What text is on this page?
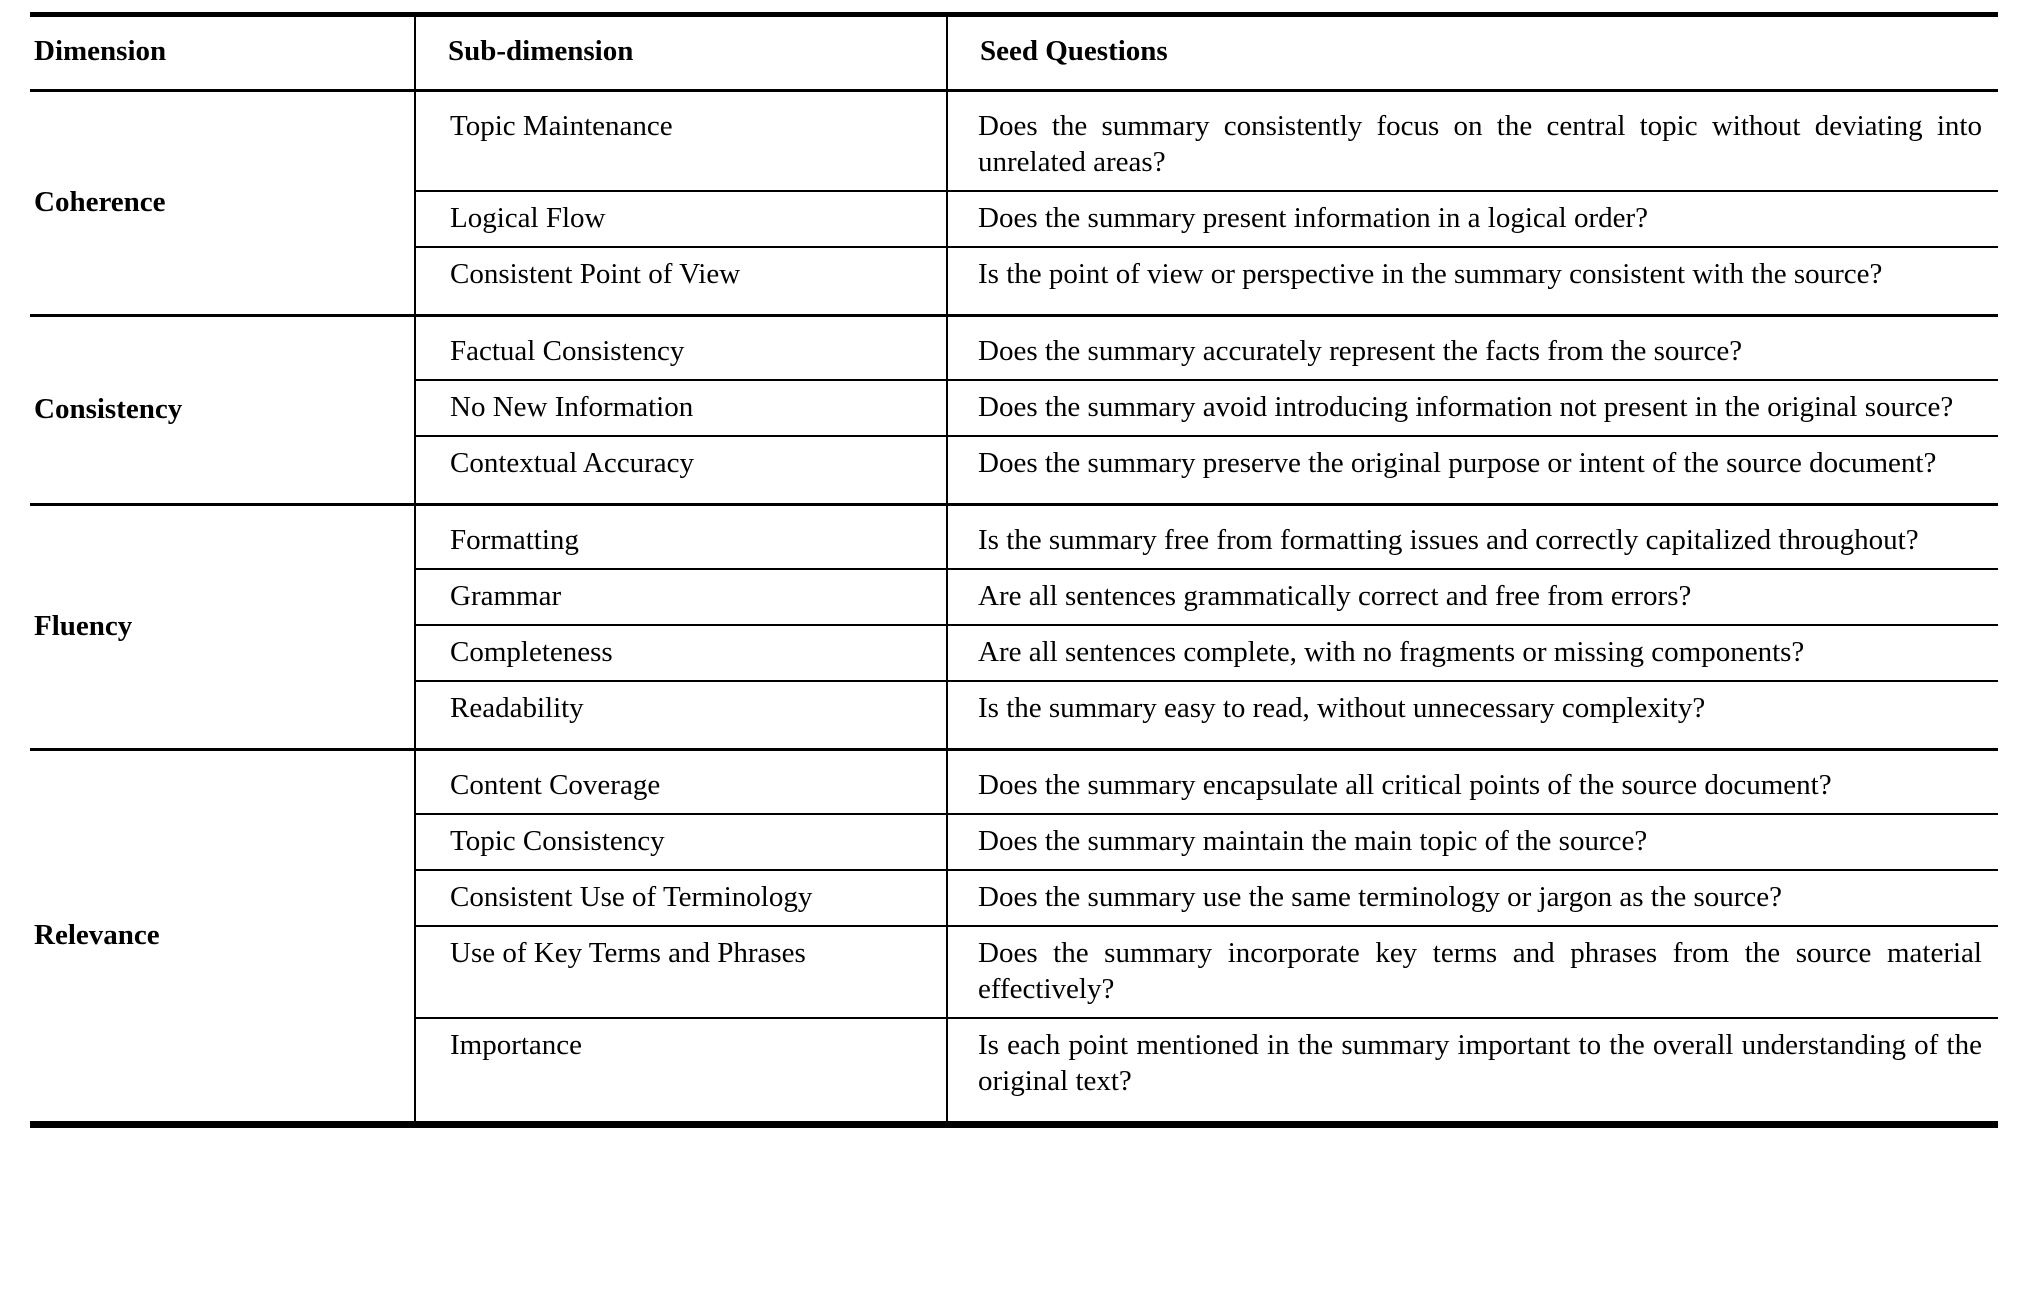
Dimension	Sub-dimension	Seed Questions
Coherence	Topic Maintenance	Does the summary consistently focus on the central topic without deviating into unrelated areas?
	Logical Flow	Does the summary present information in a logical order?
	Consistent Point of View	Is the point of view or perspective in the summary consistent with the source?
Consistency	Factual Consistency	Does the summary accurately represent the facts from the source?
	No New Information	Does the summary avoid introducing information not present in the original source?
	Contextual Accuracy	Does the summary preserve the original purpose or intent of the source document?
Fluency	Formatting	Is the summary free from formatting issues and correctly capitalized throughout?
	Grammar	Are all sentences grammatically correct and free from errors?
	Completeness	Are all sentences complete, with no fragments or missing components?
	Readability	Is the summary easy to read, without unnecessary complexity?
Relevance	Content Coverage	Does the summary encapsulate all critical points of the source document?
	Topic Consistency	Does the summary maintain the main topic of the source?
	Consistent Use of Terminology	Does the summary use the same terminology or jargon as the source?
	Use of Key Terms and Phrases	Does the summary incorporate key terms and phrases from the source material effectively?
	Importance	Is each point mentioned in the summary important to the overall understanding of the original text?
